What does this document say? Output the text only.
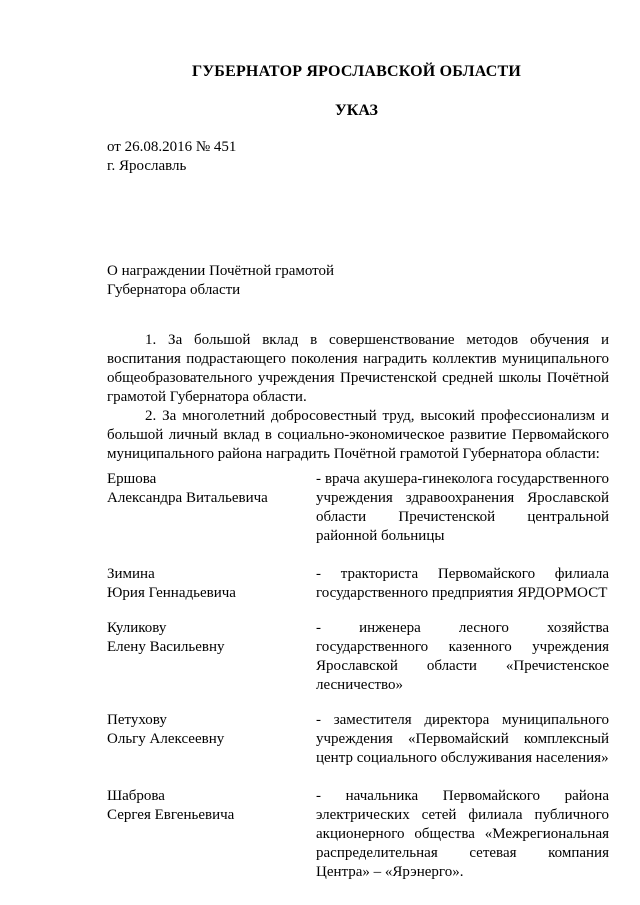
ГУБЕРНАТОР ЯРОСЛАВСКОЙ ОБЛАСТИ
УКАЗ
от 26.08.2016 № 451
г. Ярославль
О награждении Почётной грамотой
Губернатора области

1. За большой вклад в совершенствование методов обучения и воспитания подрастающего поколения наградить коллектив муниципального общеобразовательного учреждения Пречистенской средней школы Почётной грамотой Губернатора области.

2. За многолетний добросовестный труд, высокий профессионализм и большой личный вклад в социально-экономическое развитие Первомайского муниципального района наградить Почётной грамотой Губернатора области:

Ершова
Александра Витальевича
- врача акушера-гинеколога государственного учреждения здравоохранения Ярославской области Пречистенской центральной районной больницы
Зимина
Юрия Геннадьевича
- тракториста Первомайского филиала государственного предприятия ЯРДОРМОСТ
Куликову
Елену Васильевну
- инженера лесного хозяйства государственного казенного учреждения Ярославской области «Пречистенское лесничество»
Петухову
Ольгу Алексеевну
- заместителя директора муниципального учреждения «Первомайский комплексный центр социального обслуживания населения»
Шаброва
Сергея Евгеньевича
- начальника Первомайского района электрических сетей филиала публичного акционерного общества «Межрегиональная распределительная сетевая компания Центра» – «Ярэнерго».
